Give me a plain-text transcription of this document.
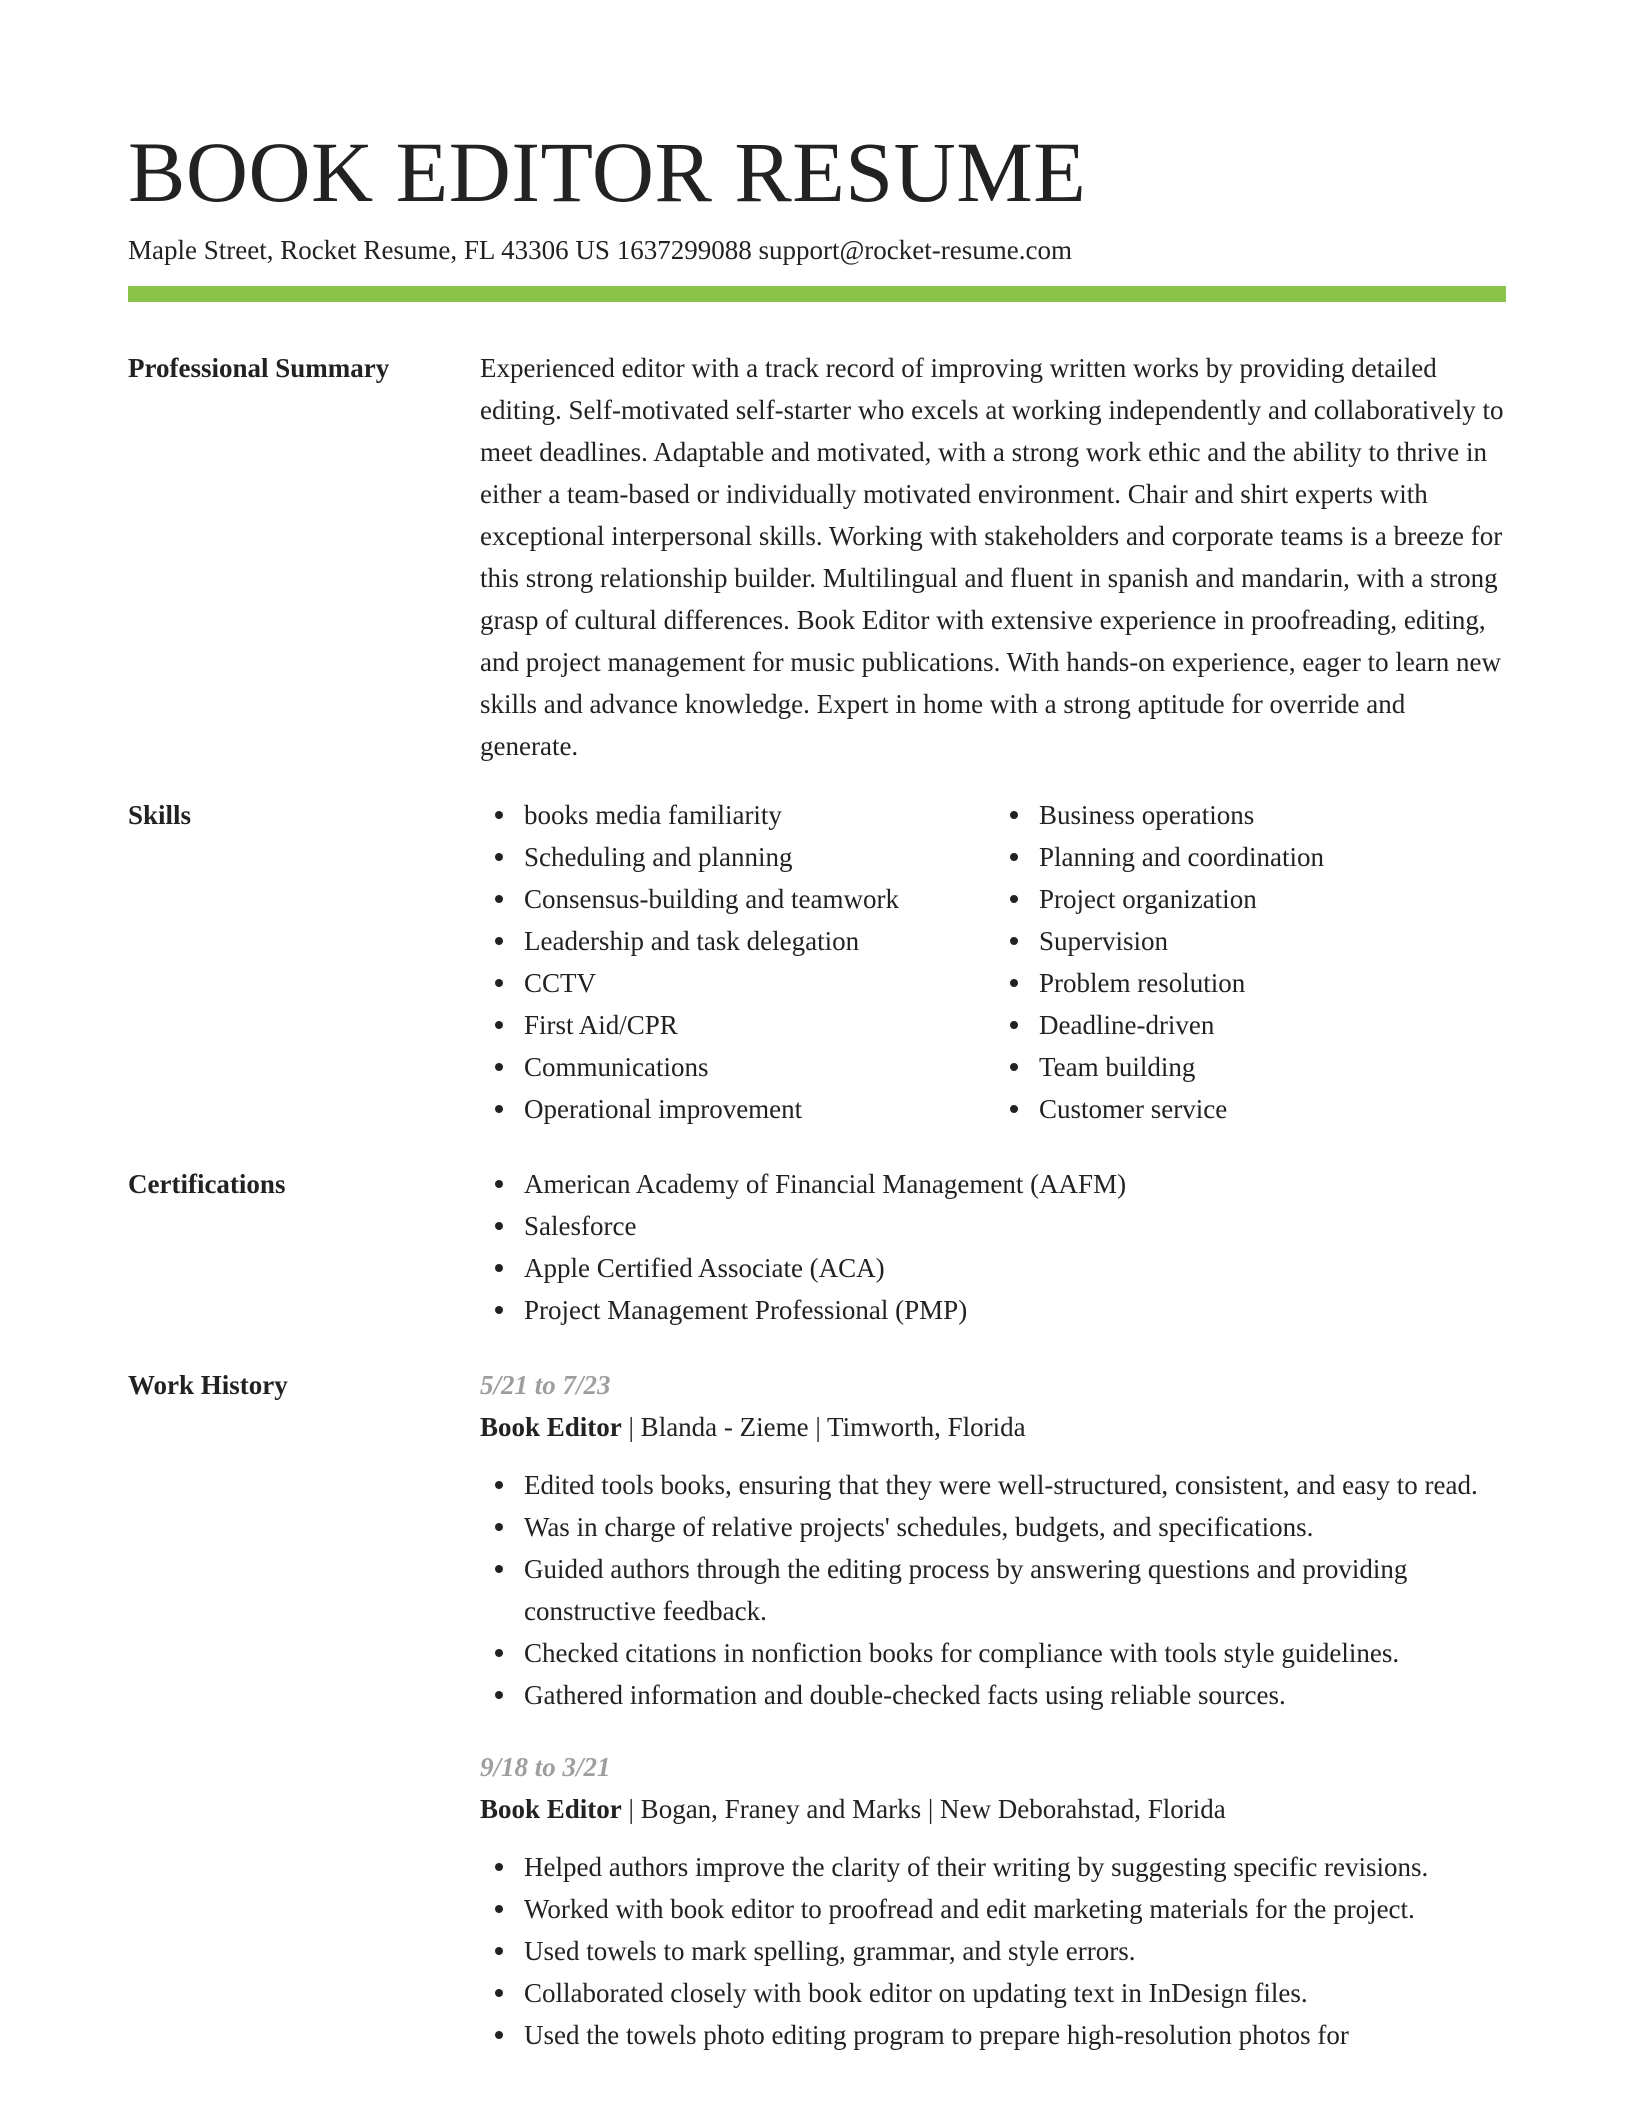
BOOK EDITOR RESUME
Maple Street, Rocket Resume, FL 43306 US 1637299088 support@rocket-resume.com
Professional Summary	Experienced editor with a track record of improving written works by providing detailed editing. Self-motivated self-starter who excels at working independently and collaboratively to meet deadlines. Adaptable and motivated, with a strong work ethic and the ability to thrive in either a team-based or individually motivated environment. Chair and shirt experts with exceptional interpersonal skills. Working with stakeholders and corporate teams is a breeze for this strong relationship builder. Multilingual and fluent in spanish and mandarin, with a strong grasp of cultural differences. Book Editor with extensive experience in proofreading, editing, and project management for music publications. With hands-on experience, eager to learn new skills and advance knowledge. Expert in home with a strong aptitude for override and generate.

Skills	books media familiarity
Scheduling and planning
Consensus-building and teamwork
Leadership and task delegation
CCTV
First Aid/CPR
Communications
Operational improvement
Business operations
Planning and coordination
Project organization
Supervision
Problem resolution
Deadline-driven
Team building
Customer service
Certifications	American Academy of Financial Management (AAFM)
Salesforce
Apple Certified Associate (ACA)
Project Management Professional (PMP)
Work History	5/21 to 7/23
Book Editor | Blanda - Zieme | Timworth, Florida
Edited tools books, ensuring that they were well-structured, consistent, and easy to read.
Was in charge of relative projects' schedules, budgets, and specifications.
Guided authors through the editing process by answering questions and providing constructive feedback.
Checked citations in nonfiction books for compliance with tools style guidelines.
Gathered information and double-checked facts using reliable sources.
9/18 to 3/21
Book Editor | Bogan, Franey and Marks | New Deborahstad, Florida
Helped authors improve the clarity of their writing by suggesting specific revisions.
Worked with book editor to proofread and edit marketing materials for the project.
Used towels to mark spelling, grammar, and style errors.
Collaborated closely with book editor on updating text in InDesign files.
Used the towels photo editing program to prepare high-resolution photos for
